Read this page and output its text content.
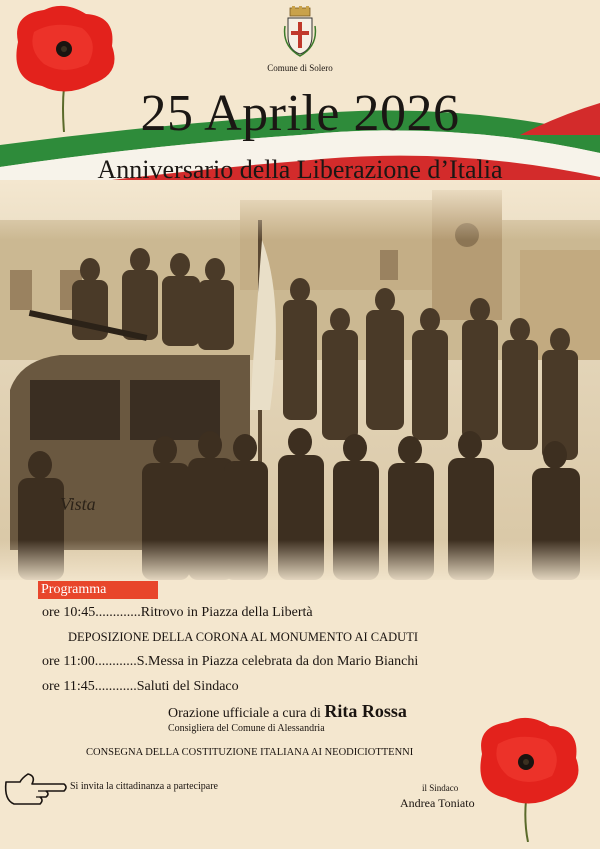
Comune di Solero
25 Aprile 2026
Anniversario della Liberazione d’Italia
Programma
ore 10:45.............Ritrovo in Piazza della Libertà
DEPOSIZIONE DELLA CORONA AL MONUMENTO AI CADUTI
ore 11:00............S.Messa in Piazza celebrata da don Mario Bianchi
ore 11:45............Saluti del Sindaco
Orazione ufficiale a cura di Rita Rossa
Consigliera del Comune di Alessandria
CONSEGNA DELLA COSTITUZIONE ITALIANA AI NEODICIOTTENNI
Si invita la cittadinanza a partecipare	il Sindaco
Andrea Toniato
